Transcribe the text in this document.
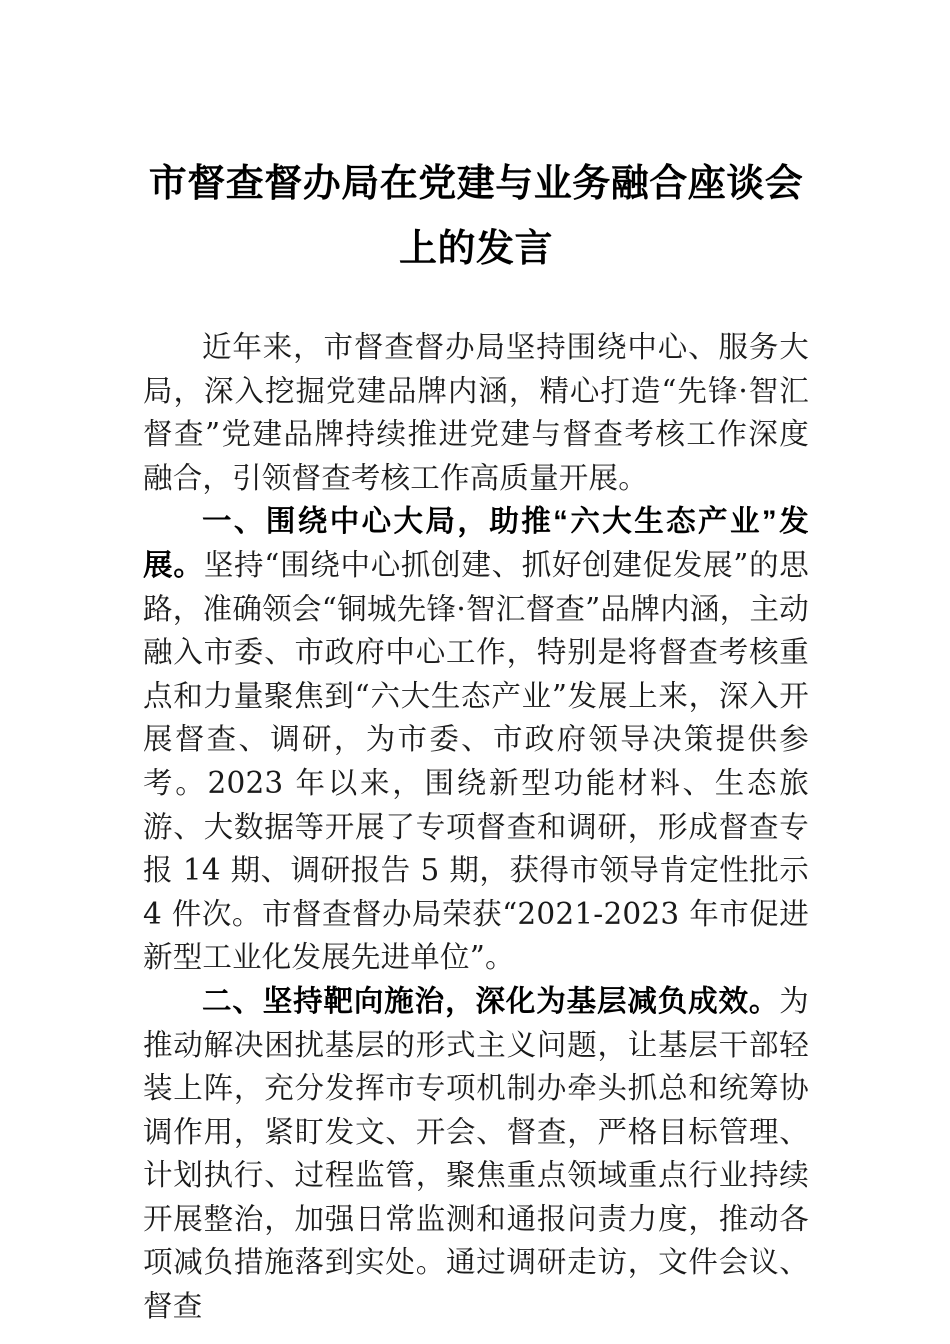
市督查督办局在党建与业务融合座谈会上的发言

近年来，市督查督办局坚持围绕中心、服务大局，深入挖掘党建品牌内涵，精心打造“先锋·智汇督查”党建品牌持续推进党建与督查考核工作深度融合，引领督查考核工作高质量开展。

一、围绕中心大局，助推“六大生态产业”发展。坚持“围绕中心抓创建、抓好创建促发展”的思路，准确领会“铜城先锋·智汇督查”品牌内涵，主动融入市委、市政府中心工作，特别是将督查考核重点和力量聚焦到“六大生态产业”发展上来，深入开展督查、调研，为市委、市政府领导决策提供参考。2023 年以来，围绕新型功能材料、生态旅游、大数据等开展了专项督查和调研，形成督查专报 14 期、调研报告 5 期，获得市领导肯定性批示 4 件次。市督查督办局荣获“2021-2023 年市促进新型工业化发展先进单位”。

二、坚持靶向施治，深化为基层减负成效。为推动解决困扰基层的形式主义问题，让基层干部轻装上阵，充分发挥市专项机制办牵头抓总和统筹协调作用，紧盯发文、开会、督查，严格目标管理、计划执行、过程监管，聚焦重点领域重点行业持续开展整治，加强日常监测和通报问责力度，推动各项减负措施落到实处。通过调研走访，文件会议、督查
